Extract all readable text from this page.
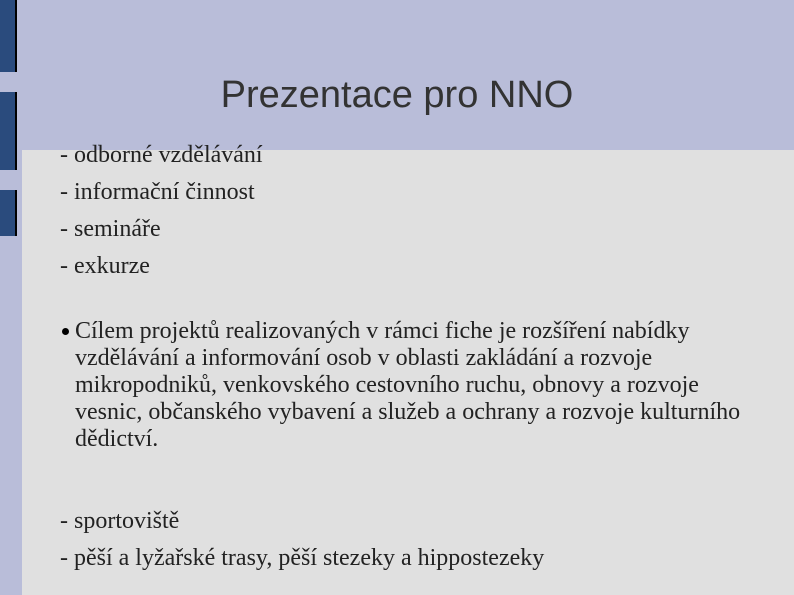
Prezentace pro NNO
- odborné vzdělávání
- informační činnost
- semináře
- exkurze
Cílem projektů realizovaných v rámci fiche je rozšíření nabídky vzdělávání a informování osob v oblasti zakládání a rozvoje mikropodniků, venkovského cestovního ruchu, obnovy a rozvoje vesnic, občanského vybavení a služeb a ochrany a rozvoje kulturního dědictví.
- sportoviště
- pěší a lyžařské trasy, pěší stezeky a hippostezeky
